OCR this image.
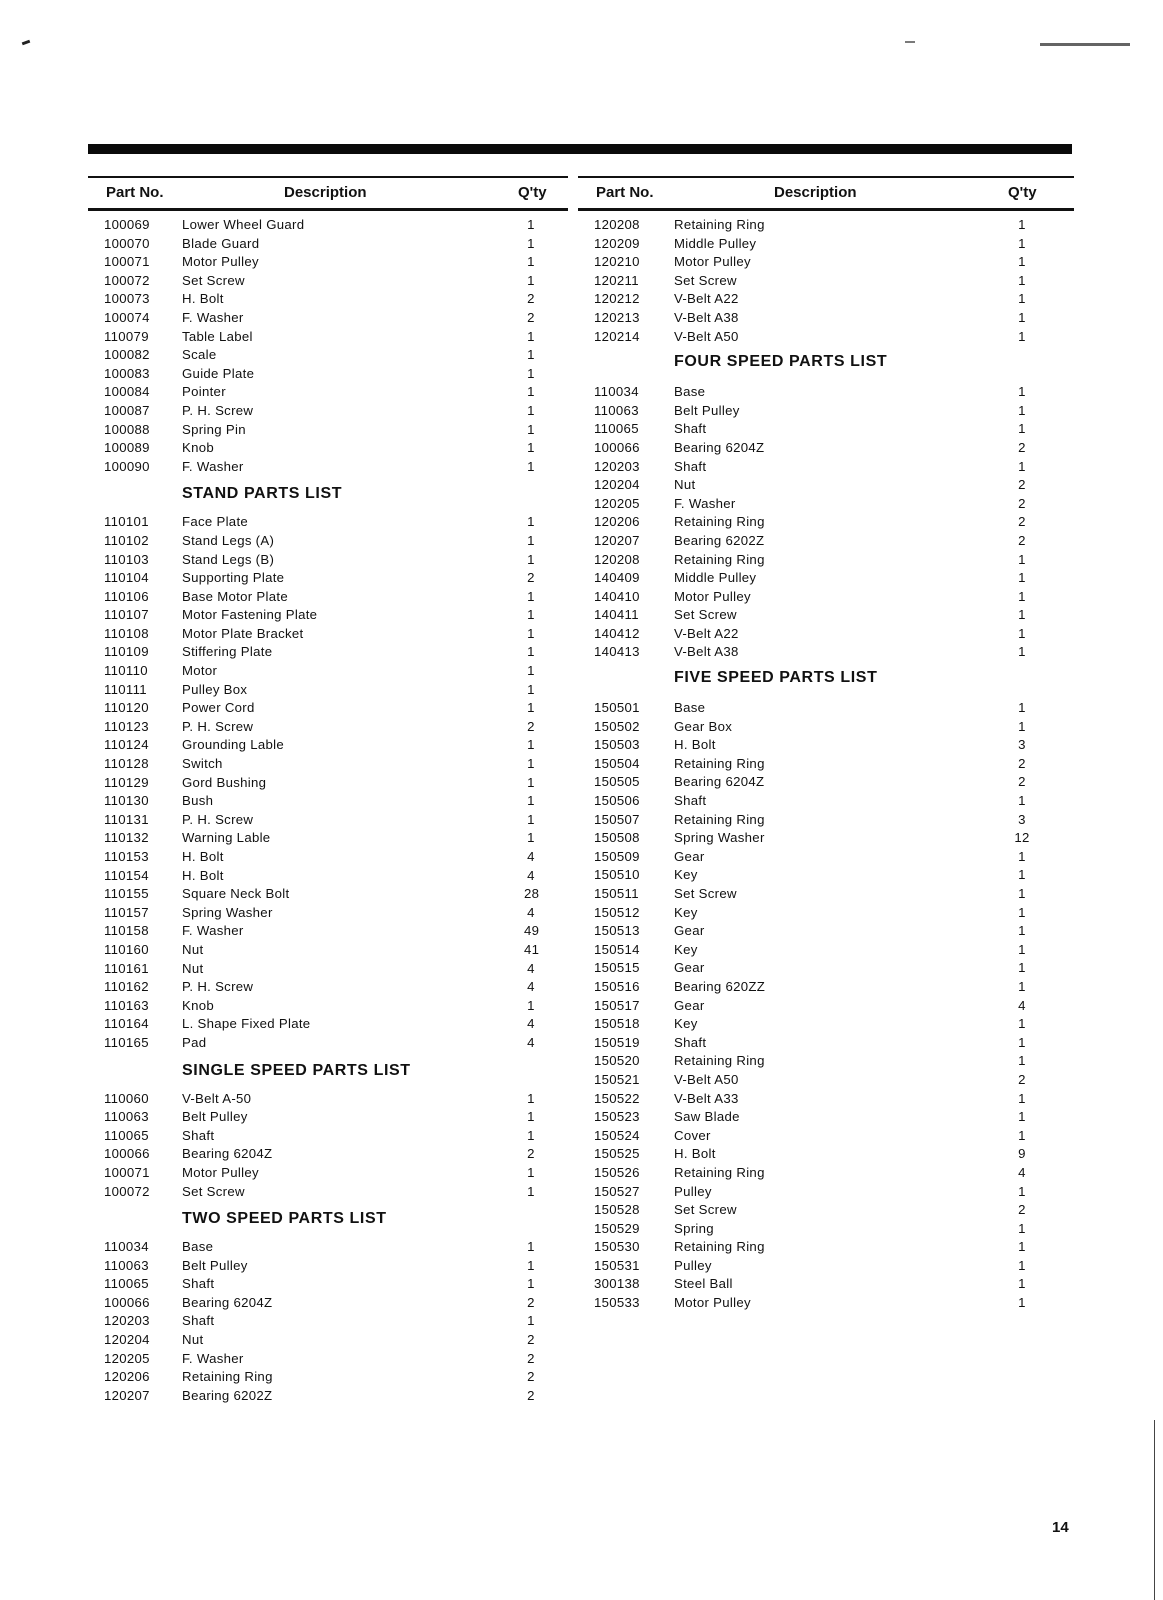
Part No.	Description	Q'ty
100069 Lower Wheel Guard	1
100070 Blade Guard	1
100071 Motor Pulley	1
100072 Set Screw	1
100073 H. Bolt	2
100074 F. Washer	2
110079	Table Label	1
100082 Scale	1
100083 Guide Plate	1
100084 Pointer	1
100087 P. H. Screw	1
100088 Spring Pin	1
100089 Knob	1
100090 F. Washer	1
STAND PARTS LIST
110101	Face Plate	1
110102	Stand Legs (A)	1
110103	Stand Legs (B)	1
110104	Supporting Plate	2
110106	Base Motor Plate	1
110107	Motor Fastening Plate	1
110108	Motor Plate Bracket	1
110109	Stiffering Plate	1
110110	Motor	1
110111	Pulley Box	1
110120	Power Cord	1
110123	P. H. Screw	2
110124	Grounding Lable	1
110128	Switch	1
110129	Gord Bushing	1
110130	Bush	1
110131	P. H. Screw	1
110132	Warning Lable	1
110153	H. Bolt	4
110154	H. Bolt	4
110155	Square Neck Bolt	28
110157	Spring Washer	4
110158	F. Washer	49
110160	Nut	41
110161	Nut	4
110162	P. H. Screw	4
110163	Knob	1
110164	L. Shape Fixed Plate	4
110165	Pad	4
SINGLE SPEED PARTS LIST
110060	V-Belt A-50	1
110063	Belt Pulley	1
110065	Shaft	1
100066 Bearing 6204Z	2
100071 Motor Pulley	1
100072 Set Screw	1
TWO SPEED PARTS LIST
110034	Base	1
110063	Belt Pulley	1
110065	Shaft	1
100066 Bearing 6204Z	2
120203 Shaft	1
120204 Nut	2
120205 F. Washer	2
120206 Retaining Ring	2
120207 Bearing 6202Z	2
Part No.	Description	Q'ty
120208	Retaining Ring	1
120209	Middle Pulley	1
120210	Motor Pulley	1
120211	Set Screw	1
120212	V-Belt A22	1
120213	V-Belt A38	1
120214	V-Belt A50	1
FOUR SPEED PARTS LIST
110034	Base	1
110063	Belt Pulley	1
110065	Shaft	1
100066	Bearing 6204Z	2
120203	Shaft	1
120204	Nut	2
120205	F. Washer	2
120206	Retaining Ring	2
120207	Bearing 6202Z	2
120208	Retaining Ring	1
140409	Middle Pulley	1
140410	Motor Pulley	1
140411	Set Screw	1
140412	V-Belt A22	1
140413	V-Belt A38	1
FIVE SPEED PARTS LIST
150501	Base	1
150502	Gear Box	1
150503	H. Bolt	3
150504	Retaining Ring	2
150505	Bearing 6204Z	2
150506	Shaft	1
150507	Retaining Ring	3
150508	Spring Washer	12
150509	Gear	1
150510	Key	1
150511	Set Screw	1
150512	Key	1
150513	Gear	1
150514	Key	1
150515	Gear	1
150516	Bearing 620ZZ	1
150517	Gear	4
150518	Key	1
150519	Shaft	1
150520	Retaining Ring	1
150521	V-Belt A50	2
150522	V-Belt A33	1
150523	Saw Blade	1
150524	Cover	1
150525	H. Bolt	9
150526	Retaining Ring	4
150527	Pulley	1
150528	Set Screw	2
150529	Spring	1
150530	Retaining Ring	1
150531	Pulley	1
300138	Steel Ball	1
150533	Motor Pulley	1
14
